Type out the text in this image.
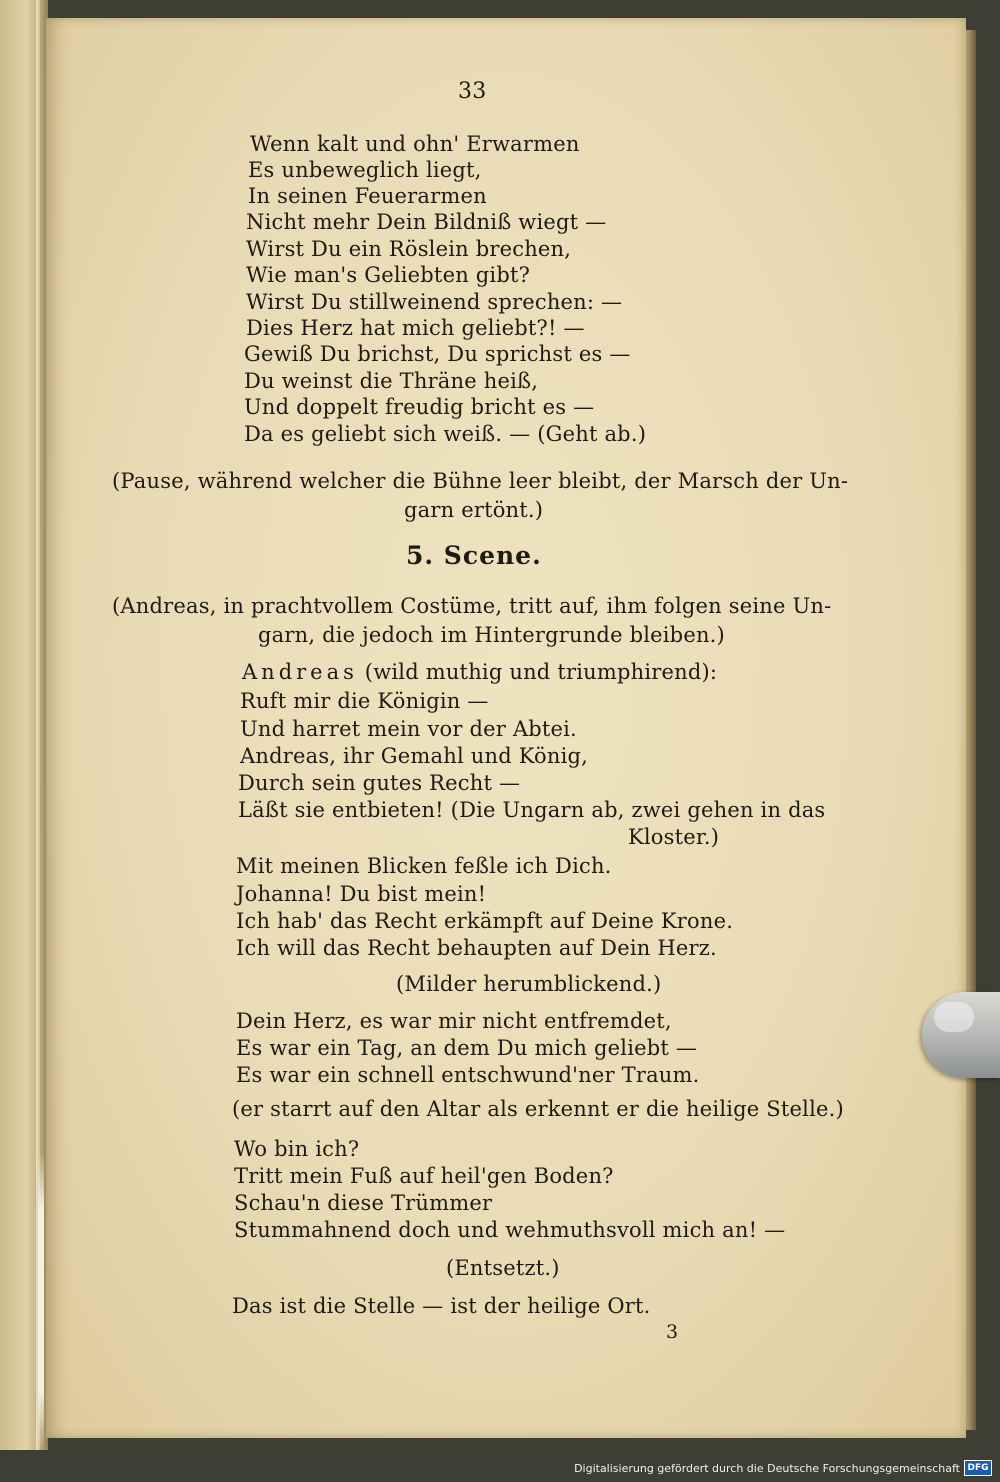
33
Wenn kalt und ohn' Erwarmen
Es unbeweglich liegt,
In seinen Feuerarmen
Nicht mehr Dein Bildniß wiegt —
Wirst Du ein Röslein brechen,
Wie man's Geliebten gibt?
Wirst Du stillweinend sprechen: —
Dies Herz hat mich geliebt?! —
Gewiß Du brichst, Du sprichst es —
Du weinst die Thräne heiß,
Und doppelt freudig bricht es —
Da es geliebt sich weiß. — (Geht ab.)
(Pause, während welcher die Bühne leer bleibt, der Marsch der Un-
garn ertönt.)
5. Scene.
(Andreas, in prachtvollem Costüme, tritt auf, ihm folgen seine Un-
garn, die jedoch im Hintergrunde bleiben.)
Andreas (wild muthig und triumphirend):
Ruft mir die Königin —
Und harret mein vor der Abtei.
Andreas, ihr Gemahl und König,
Durch sein gutes Recht —
Läßt sie entbieten! (Die Ungarn ab, zwei gehen in das
Kloster.)
Mit meinen Blicken feßle ich Dich.
Johanna! Du bist mein!
Ich hab' das Recht erkämpft auf Deine Krone.
Ich will das Recht behaupten auf Dein Herz.
(Milder herumblickend.)
Dein Herz, es war mir nicht entfremdet,
Es war ein Tag, an dem Du mich geliebt —
Es war ein schnell entschwund'ner Traum.
(er starrt auf den Altar als erkennt er die heilige Stelle.)
Wo bin ich?
Tritt mein Fuß auf heil'gen Boden?
Schau'n diese Trümmer
Stummahnend doch und wehmuthsvoll mich an! —
(Entsetzt.)
Das ist die Stelle — ist der heilige Ort.
3
Digitalisierung gefördert durch die Deutsche Forschungsgemeinschaft DFG
